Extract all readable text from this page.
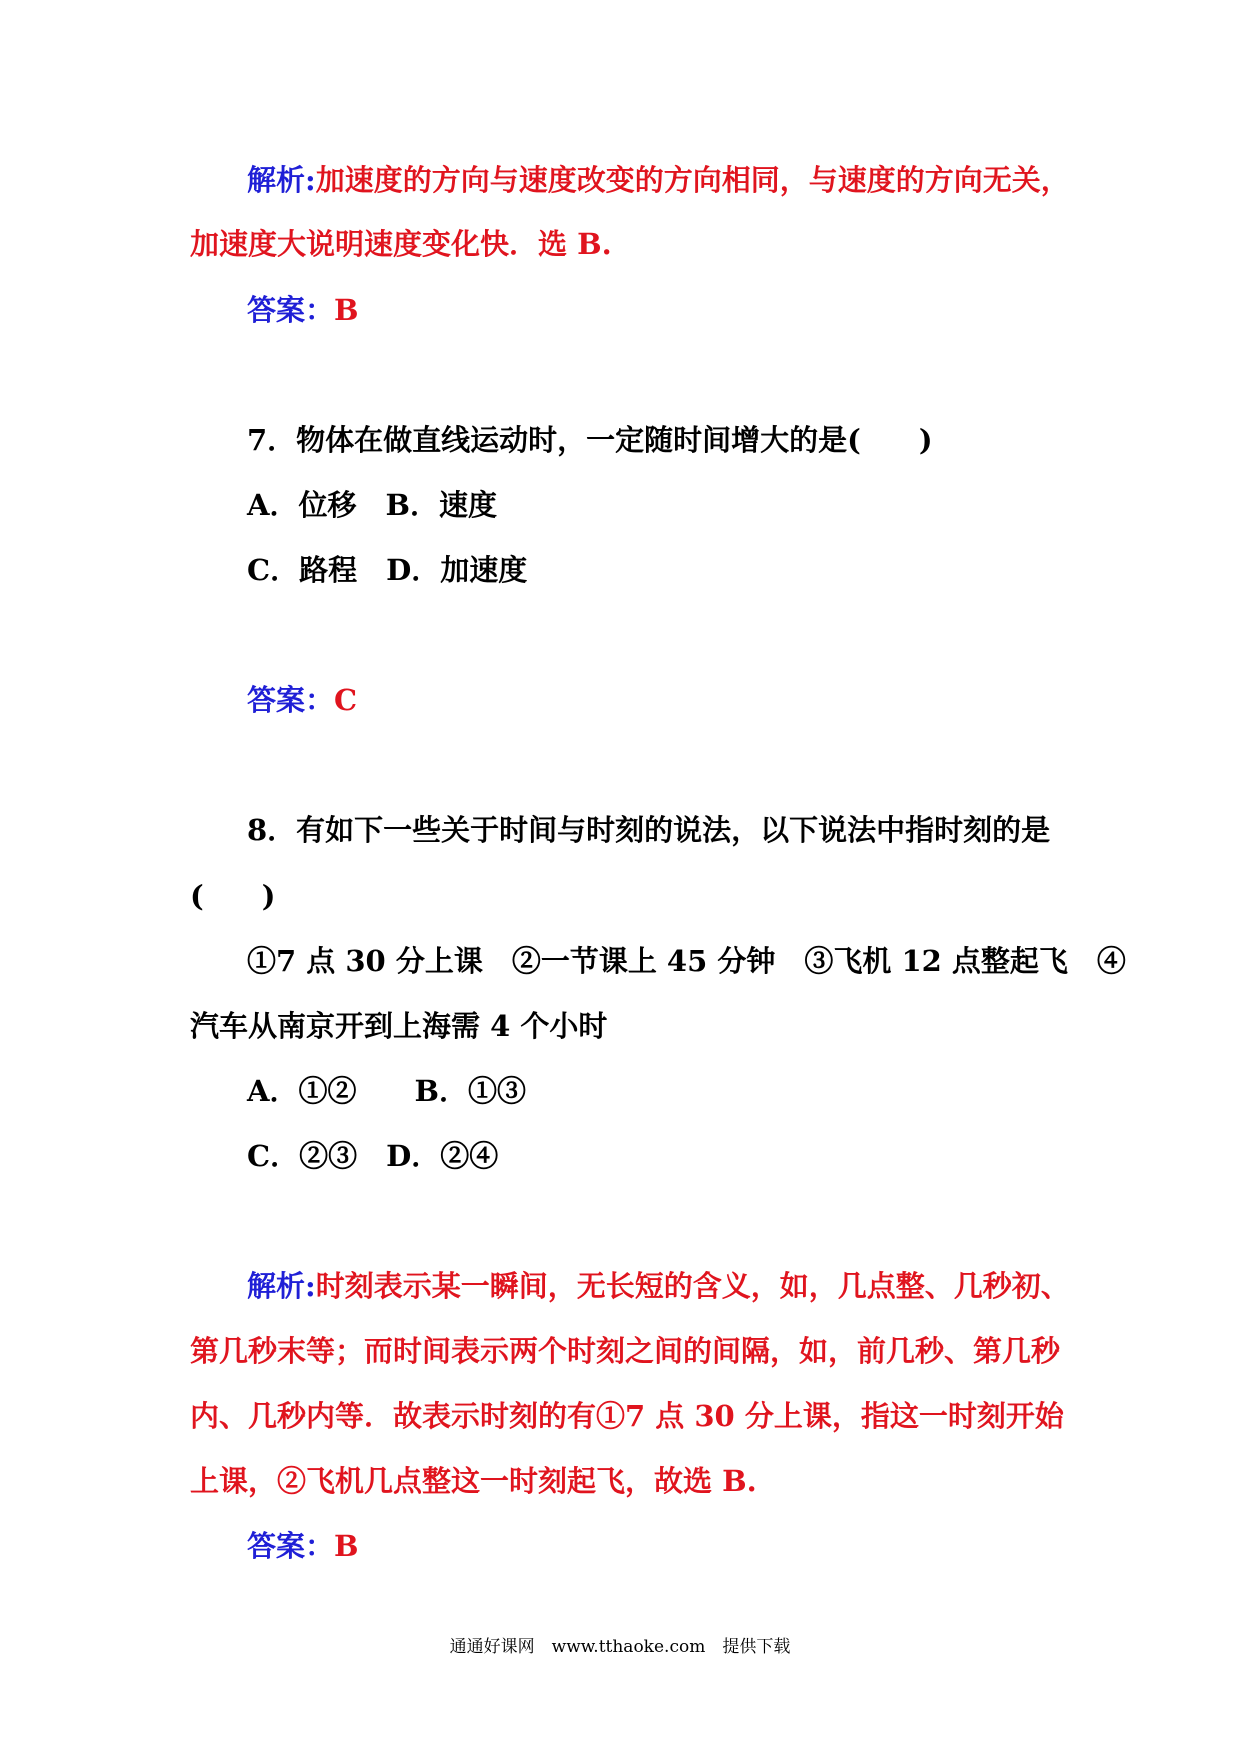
解析:加速度的方向与速度改变的方向相同，与速度的方向无关，
加速度大说明速度变化快．选 B.
答案：B
7．物体在做直线运动时，一定随时间增大的是(　　)
A．位移　B．速度
C．路程　D．加速度
答案：C
8．有如下一些关于时间与时刻的说法，以下说法中指时刻的是
(　　)
①7 点 30 分上课　②一节课上 45 分钟　③飞机 12 点整起飞　④
汽车从南京开到上海需 4 个小时
A．①②　　B．①③
C．②③　D．②④
解析:时刻表示某一瞬间，无长短的含义，如，几点整、几秒初、
第几秒末等；而时间表示两个时刻之间的间隔，如，前几秒、第几秒
内、几秒内等．故表示时刻的有①7 点 30 分上课，指这一时刻开始
上课，②飞机几点整这一时刻起飞，故选 B.
答案：B
通通好课网　www.tthaoke.com　提供下载
